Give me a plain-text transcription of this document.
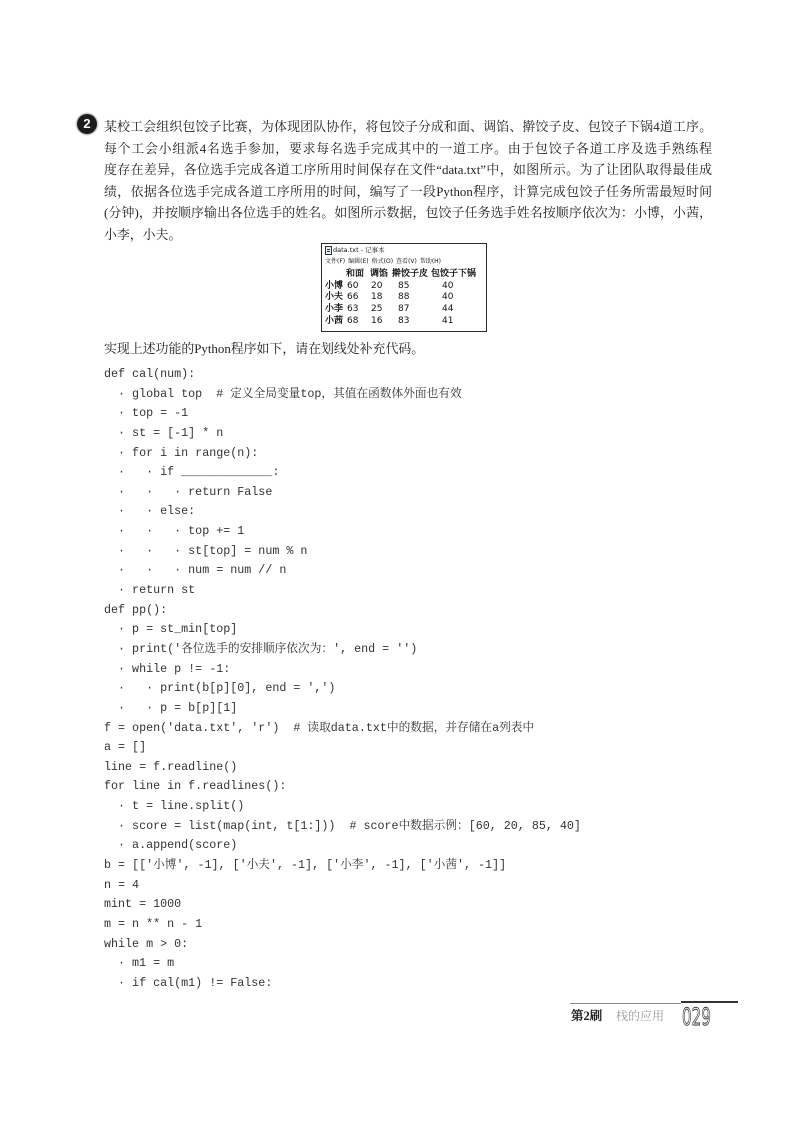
2	某校工会组织包饺子比赛，为体现团队协作，将包饺子分成和面、调馅、擀饺子皮、包饺子下锅4道工序。
每个工会小组派4名选手参加，要求每名选手完成其中的一道工序。由于包饺子各道工序及选手熟练程
度存在差异，各位选手完成各道工序所用时间保存在文件“data.txt”中，如图所示。为了让团队取得最佳成
绩，依据各位选手完成各道工序所用的时间，编写了一段Python程序，计算完成包饺子任务所需最短时间
(分钟)，并按顺序输出各位选手的姓名。如图所示数据，包饺子任务选手姓名按顺序依次为：小博，小茜，
小李，小夫。
data.txt - 记事本
文件(F) 编辑(E) 格式(O) 查看(V) 帮助(H)
和面 调馅 擀饺子皮 包饺子下锅
小博 60 20 85	40
小夫 66 18 88	40
小李 63 25 87	44
小茜 68 16 83	41
实现上述功能的Python程序如下，请在划线处补充代码。
def cal(num):
· global top  # 定义全局变量top，其值在函数体外面也有效
· top = -1
· st = [-1] * n
· for i in range(n):
·   · if _____________:
·   ·   · return False
·   · else:
·   ·   · top += 1
·   ·   · st[top] = num % n
·   ·   · num = num // n
· return st
def pp():
· p = st_min[top]
· print('各位选手的安排顺序依次为：', end = '')
· while p != -1:
·   · print(b[p][0], end = ',')
·   · p = b[p][1]
f = open('data.txt', 'r')  # 读取data.txt中的数据，并存储在a列表中
a = []
line = f.readline()
for line in f.readlines():
· t = line.split()
· score = list(map(int, t[1:]))  # score中数据示例：[60, 20, 85, 40]
· a.append(score)
b = [['小博', -1], ['小夫', -1], ['小李', -1], ['小茜', -1]]
n = 4
mint = 1000
m = n ** n - 1
while m > 0:
· m1 = m
· if cal(m1) != False:
第2刷 栈的应用 029
